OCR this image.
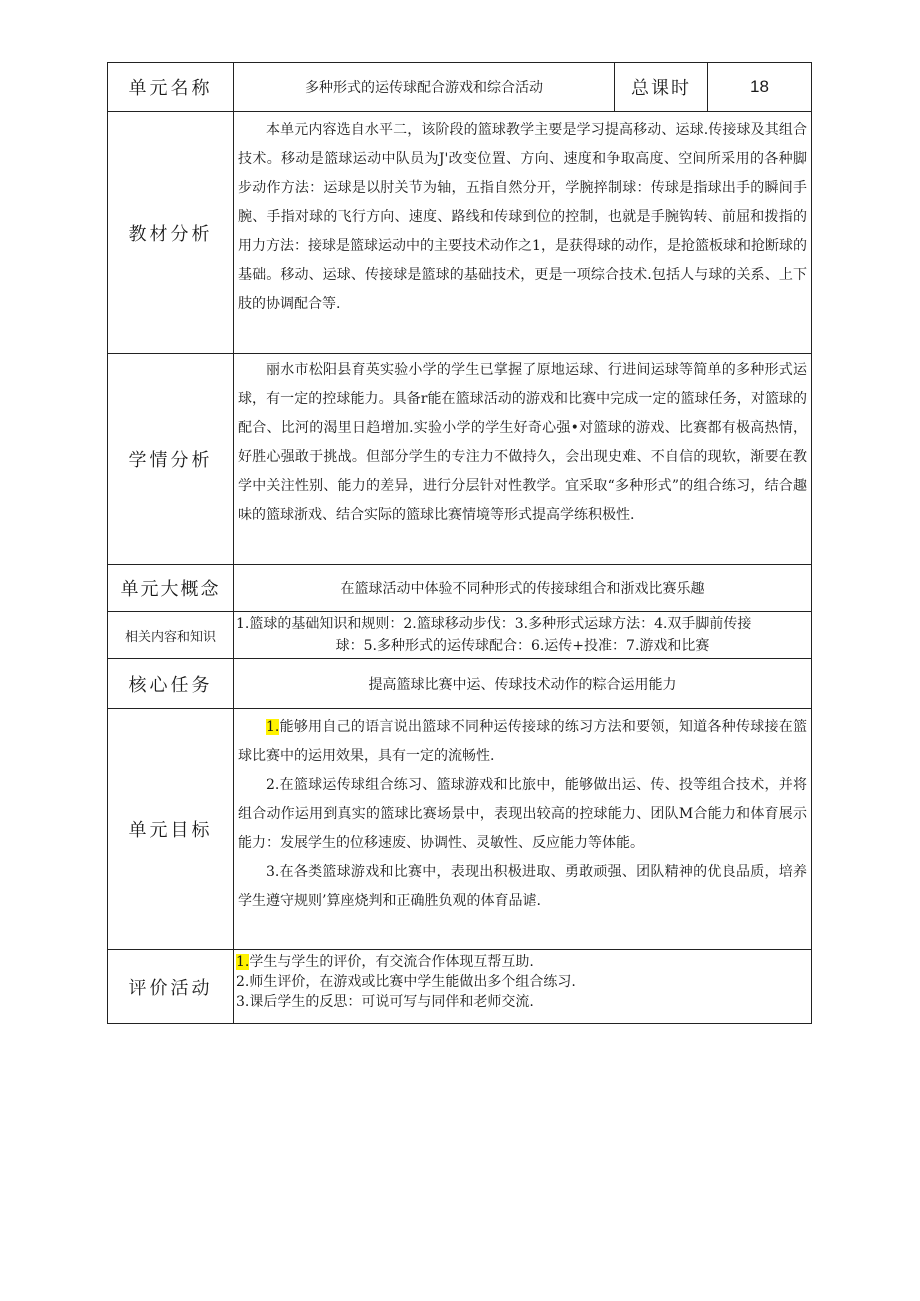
单元名称	多种形式的运传球配合游戏和综合活动	总课时	18
教材分析	本单元内容选自水平二，该阶段的篮球教学主要是学习提高移动、运球.传接球及其组合技术。移动是篮球运动中队员为J'改变位置、方向、速度和争取高度、空间所采用的各种脚步动作方法：运球是以肘关节为轴，五指自然分开，学腕捽制球：传球是指球出手的瞬间手腕、手指对球的飞行方向、速度、路线和传球到位的控制，也就是手腕钩转、前屈和拨指的用力方法：接球是篮球运动中的主要技术动作之1，是获得球的动作，是抢篮板球和抢断球的基础。移动、运球、传接球是篮球的基础技术，更是一项综合技术.包括人与球的关系、上下肢的协调配合等.		

学情分析	丽水市松阳县育英实验小学的学生已掌握了原地运球、行进间运球等简单的多种形式运球，有一定的控球能力。具备r能在篮球活动的游戏和比赛中完成一定的篮球任务，对篮球的配合、比河的渴里日趋增加.实验小学的学生好奇心强•对篮球的游戏、比赛都有极高热情，好胜心强敢于挑战。但部分学生的专注力不做持久，会出现史难、不自信的现软，渐要在教学中关注性别、能力的差异，进行分层针对性教学。宜采取“多种形式”的组合练习，结合趣味的篮球浙戏、结合实际的篮球比赛情境等形式提高学练积极性.		

单元大概念	在篮球活动中体验不同种形式的传接球组合和浙戏比赛乐趣		
相关内容和知识	1.篮球的基础知识和规则：2.篮球移动步伐：3.多种形式运球方法：4.双手脚前传接
球：5.多种形式的运传球配合：6.运传+投准：7.游戏和比赛		

核心任务	提高篮球比赛中运、传球技术动作的粽合运用能力		
单元目标	1.能够用自己的语言说出篮球不同种运传接球的练习方法和要领，知道各种传球接在篮球比赛中的运用效果，具有一定的流畅性.

2.在篮球运传球组合练习、篮球游戏和比旅中，能够做出运、传、投等组合技术，并将组合动作运用到真实的篮球比赛场景中，表现出较高的控球能力、团队M合能力和体育展示能力：发展学生的位移速废、协调性、灵敏性、反应能力等体能。

3.在各类篮球游戏和比赛中，表现出积极进取、勇敢顽强、团队精神的优良品质，培养学生遵守规则’算座烧判和正确胜负观的体育品谑.		

评价活动	1.学生与学生的评价，有交流合作体现互帮互助.
2.师生评价，在游戏或比赛中学生能做出多个组合练习.
3.课后学生的反思：可说可写与同伴和老师交流.		
